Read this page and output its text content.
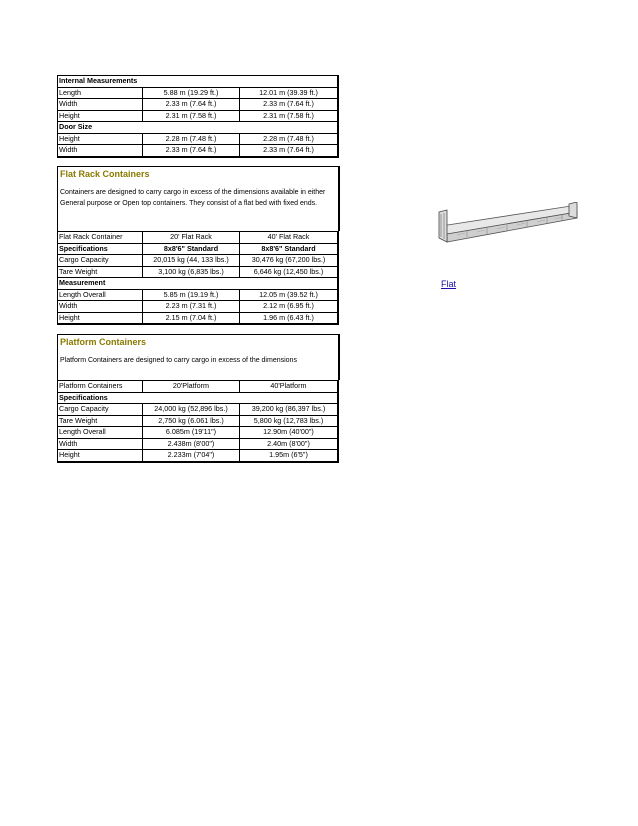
Internal Measurements		
Length	5.88 m (19.29 ft.)	12.01 m (39.39 ft.)
Width	2.33 m (7.64 ft.)	2.33 m (7.64 ft.)
Height	2.31 m (7.58 ft.)	2.31 m (7.58 ft.)
Door Size		
Height	2.28 m (7.48 ft.)	2.28 m (7.48 ft.)
Width	2.33 m (7.64 ft.)	2.33 m (7.64 ft.)
Flat Rack Containers
Containers are designed to carry cargo in excess of the dimensions available in either General purpose or Open top containers. They consist of a flat bed with fixed ends.
Flat Rack Container	20' Flat Rack	40' Flat Rack
Specifications	8x8'6" Standard	8x8'6" Standard
Cargo Capacity	20,015 kg (44, 133 lbs.)	30,476 kg (67,200 lbs.)
Tare Weight	3,100 kg (6,835 lbs.)	6,646 kg (12,450 lbs.)
Measurement		
Length Overall	5.85 m (19.19 ft.)	12.05 m (39.52 ft.)
Width	2.23 m (7.31 ft.)	2.12 m (6.95 ft.)
Height	2.15 m (7.04 ft.)	1.96 m (6.43 ft.)
Platform Containers
Platform Containers are designed to carry cargo in excess of the dimensions
Platform Containers	20'Platform	40'Platform
Specifications		
Cargo Capacity	24,000 kg (52,896 lbs.)	39,200 kg (86,397 lbs.)
Tare Weight	2,750 kg (6.061 lbs.)	5,800 kg (12,783 lbs.)
Length Overall	6.085m (19'11")	12.90m (40'00")
Width	2.438m (8'00")	2.40m (8'00")
Height	2.233m (7'04")	1.95m (6'5")
Flat
